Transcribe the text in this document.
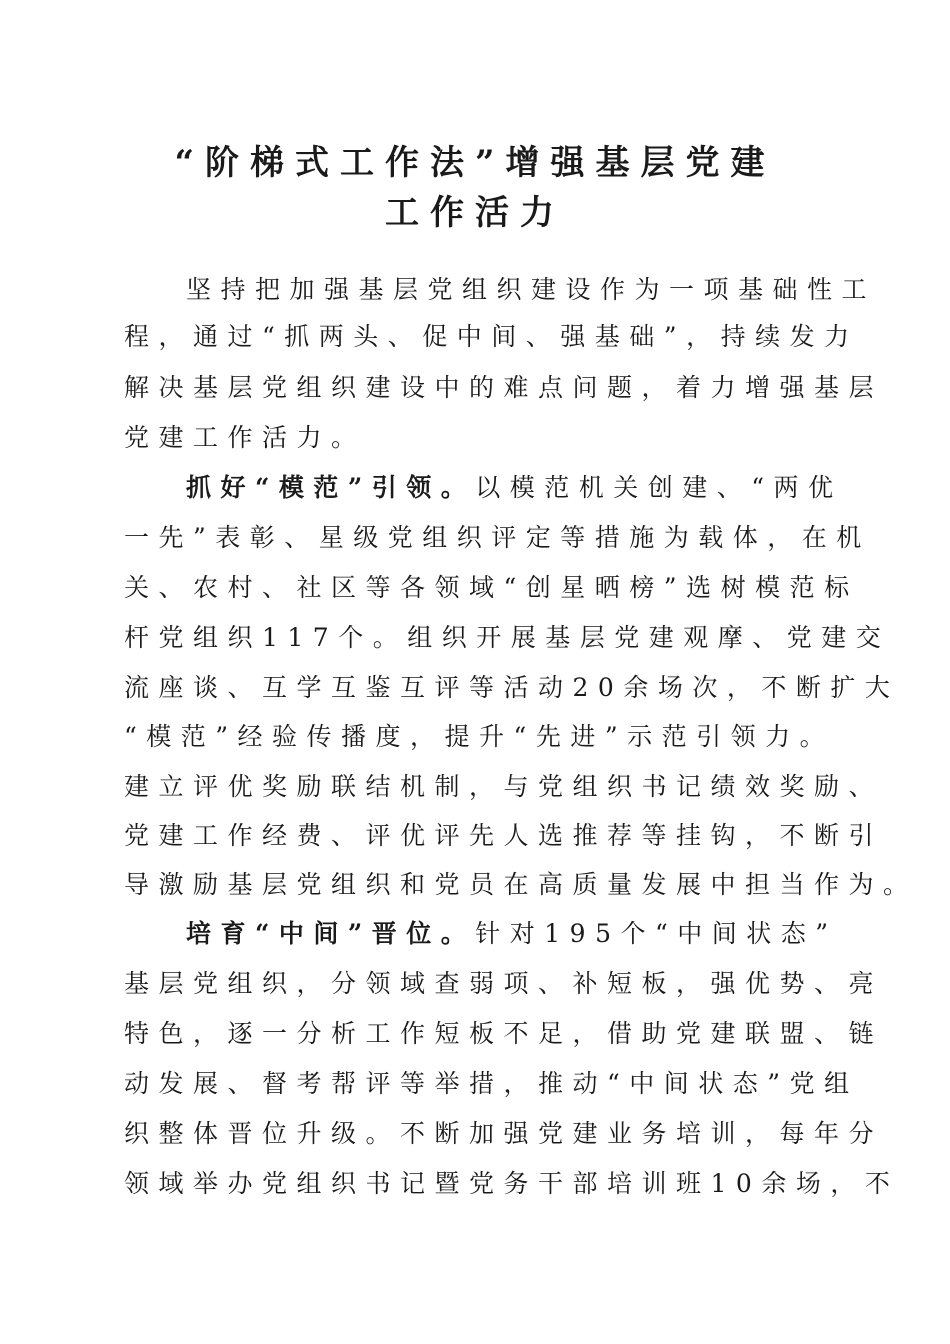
“阶梯式工作法”增强基层党建
工作活力
坚持把加强基层党组织建设作为一项基础性工
程，通过“抓两头、促中间、强基础”，持续发力
解决基层党组织建设中的难点问题，着力增强基层
党建工作活力。
抓好“模范”引领。以模范机关创建、“两优
一先”表彰、星级党组织评定等措施为载体，在机
关、农村、社区等各领域“创星晒榜”选树模范标
杆党组织117个。组织开展基层党建观摩、党建交
流座谈、互学互鉴互评等活动20余场次，不断扩大
“模范”经验传播度，提升“先进”示范引领力。
建立评优奖励联结机制，与党组织书记绩效奖励、
党建工作经费、评优评先人选推荐等挂钩，不断引
导激励基层党组织和党员在高质量发展中担当作为。
培育“中间”晋位。针对195个“中间状态”
基层党组织，分领域查弱项、补短板，强优势、亮
特色，逐一分析工作短板不足，借助党建联盟、链
动发展、督考帮评等举措，推动“中间状态”党组
织整体晋位升级。不断加强党建业务培训，每年分
领域举办党组织书记暨党务干部培训班10余场，不
